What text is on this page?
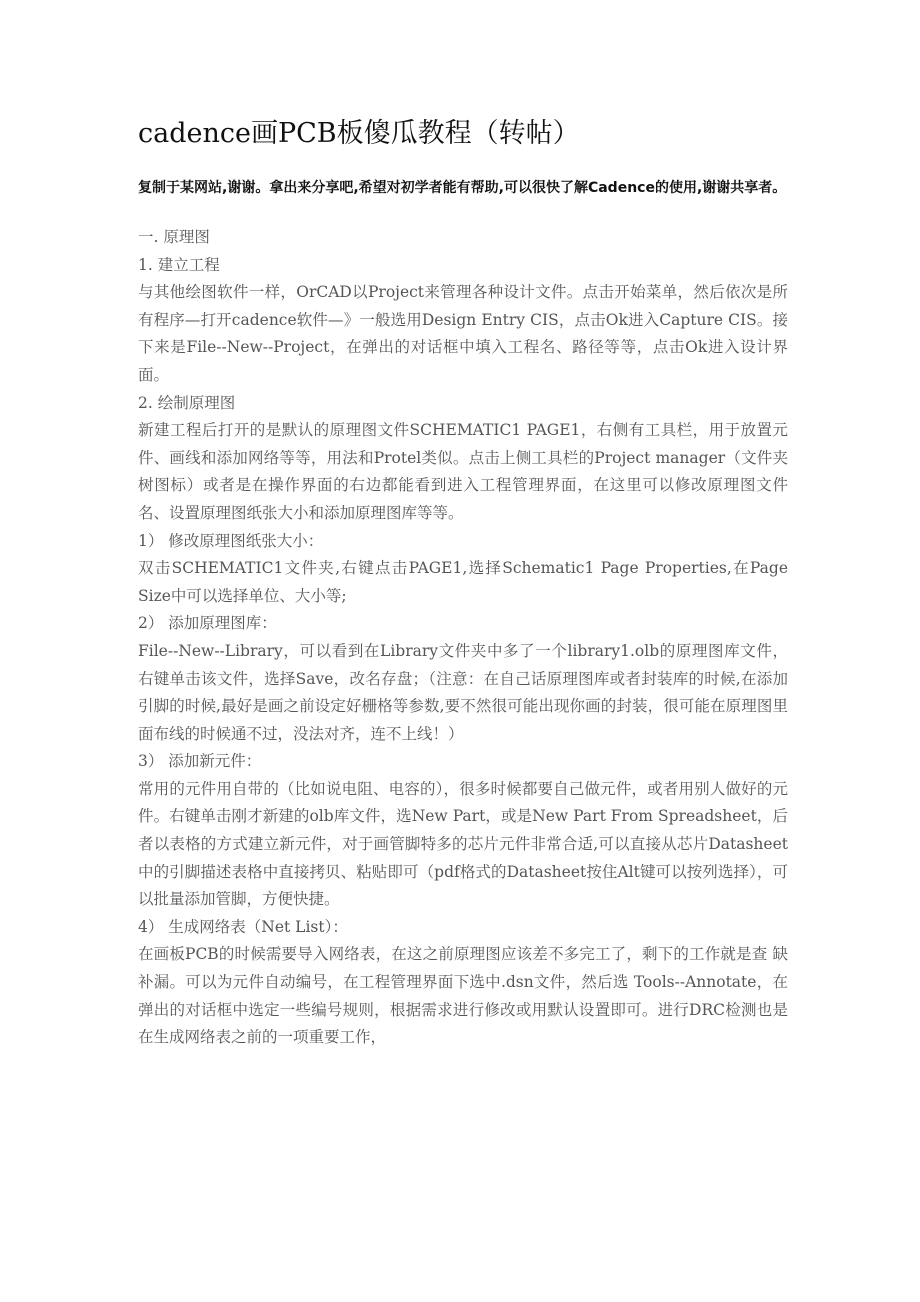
cadence画PCB板傻瓜教程（转帖）

复制于某网站,谢谢。拿出来分享吧,希望对初学者能有帮助,可以很快了解Cadence的使用,谢谢共享者。

一. 原理图

1. 建立工程

与其他绘图软件一样，OrCAD以Project来管理各种设计文件。点击开始菜单，然后依次是所有程序—打开cadence软件—》一般选用Design Entry CIS，点击Ok进入Capture CIS。接下来是File--New--Project，在弹出的对话框中填入工程名、路径等等，点击Ok进入设计界面。

2. 绘制原理图

新建工程后打开的是默认的原理图文件SCHEMATIC1 PAGE1，右侧有工具栏，用于放置元件、画线和添加网络等等，用法和Protel类似。点击上侧工具栏的Project manager（文件夹树图标）或者是在操作界面的右边都能看到进入工程管理界面，在这里可以修改原理图文件名、设置原理图纸张大小和添加原理图库等等。

1） 修改原理图纸张大小：

双击SCHEMATIC1文件夹,右键点击PAGE1,选择Schematic1 Page Properties,在Page Size中可以选择单位、大小等;

2） 添加原理图库：

File--New--Library，可以看到在Library文件夹中多了一个library1.olb的原理图库文件，右键单击该文件，选择Save，改名存盘；（注意：在自己话原理图库或者封装库的时候,在添加引脚的时候,最好是画之前设定好栅格等参数,要不然很可能出现你画的封装，很可能在原理图里面布线的时候通不过，没法对齐，连不上线！）

3） 添加新元件：

常用的元件用自带的（比如说电阻、电容的），很多时候都要自己做元件，或者用别人做好的元件。右键单击刚才新建的olb库文件，选New Part，或是New Part From Spreadsheet，后者以表格的方式建立新元件，对于画管脚特多的芯片元件非常合适,可以直接从芯片Datasheet中的引脚描述表格中直接拷贝、粘贴即可（pdf格式的Datasheet按住Alt键可以按列选择），可以批量添加管脚，方便快捷。

4） 生成网络表（Net List）：

在画板PCB的时候需要导入网络表，在这之前原理图应该差不多完工了，剩下的工作就是查 缺补漏。可以为元件自动编号，在工程管理界面下选中.dsn文件，然后选 Tools--Annotate，在弹出的对话框中选定一些编号规则，根据需求进行修改或用默认设置即可。进行DRC检测也是在生成网络表之前的一项重要工作，
